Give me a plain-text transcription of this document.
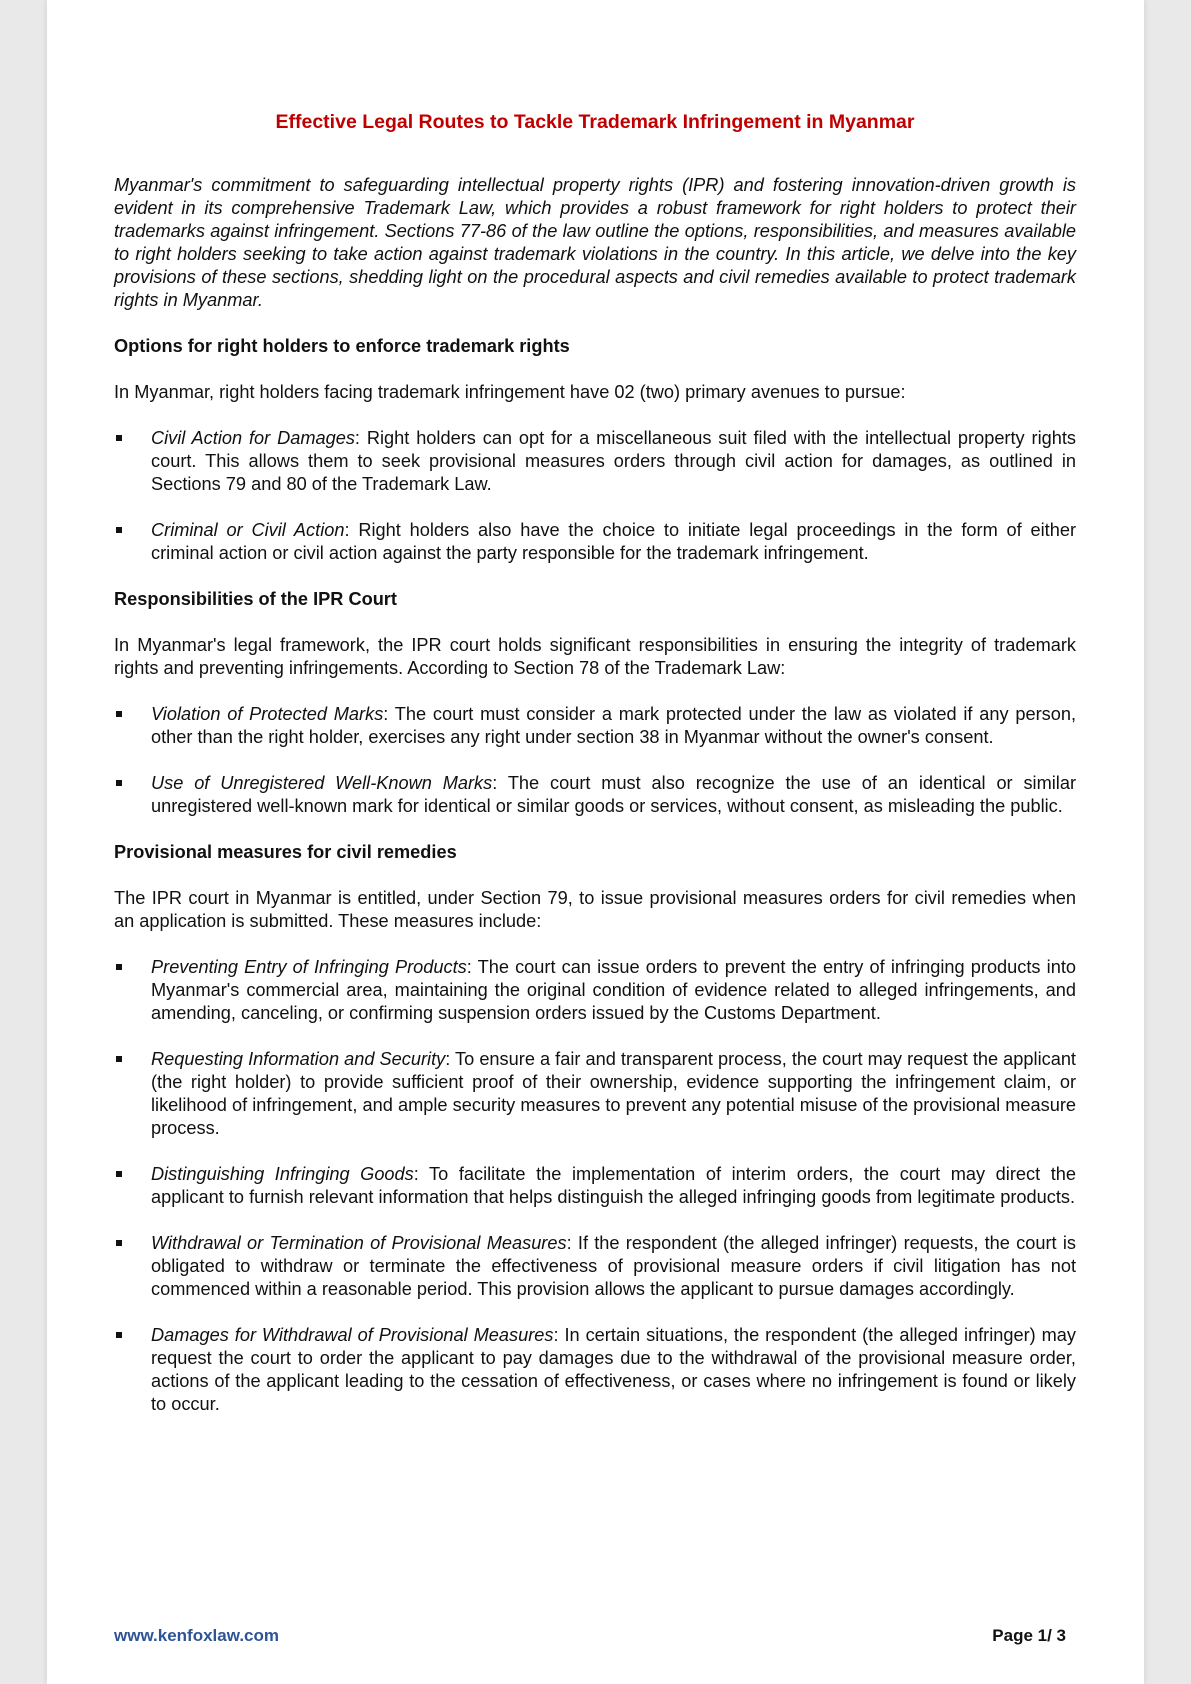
Effective Legal Routes to Tackle Trademark Infringement in Myanmar

Myanmar's commitment to safeguarding intellectual property rights (IPR) and fostering innovation-driven growth is evident in its comprehensive Trademark Law, which provides a robust framework for right holders to protect their trademarks against infringement. Sections 77-86 of the law outline the options, responsibilities, and measures available to right holders seeking to take action against trademark violations in the country. In this article, we delve into the key provisions of these sections, shedding light on the procedural aspects and civil remedies available to protect trademark rights in Myanmar.

Options for right holders to enforce trademark rights

In Myanmar, right holders facing trademark infringement have 02 (two) primary avenues to pursue:

Civil Action for Damages: Right holders can opt for a miscellaneous suit filed with the intellectual property rights court. This allows them to seek provisional measures orders through civil action for damages, as outlined in Sections 79 and 80 of the Trademark Law.
Criminal or Civil Action: Right holders also have the choice to initiate legal proceedings in the form of either criminal action or civil action against the party responsible for the trademark infringement.
Responsibilities of the IPR Court

In Myanmar's legal framework, the IPR court holds significant responsibilities in ensuring the integrity of trademark rights and preventing infringements. According to Section 78 of the Trademark Law:

Violation of Protected Marks: The court must consider a mark protected under the law as violated if any person, other than the right holder, exercises any right under section 38 in Myanmar without the owner's consent.
Use of Unregistered Well-Known Marks: The court must also recognize the use of an identical or similar unregistered well-known mark for identical or similar goods or services, without consent, as misleading the public.
Provisional measures for civil remedies

The IPR court in Myanmar is entitled, under Section 79, to issue provisional measures orders for civil remedies when an application is submitted. These measures include:

Preventing Entry of Infringing Products: The court can issue orders to prevent the entry of infringing products into Myanmar's commercial area, maintaining the original condition of evidence related to alleged infringements, and amending, canceling, or confirming suspension orders issued by the Customs Department.
Requesting Information and Security: To ensure a fair and transparent process, the court may request the applicant (the right holder) to provide sufficient proof of their ownership, evidence supporting the infringement claim, or likelihood of infringement, and ample security measures to prevent any potential misuse of the provisional measure process.
Distinguishing Infringing Goods: To facilitate the implementation of interim orders, the court may direct the applicant to furnish relevant information that helps distinguish the alleged infringing goods from legitimate products.
Withdrawal or Termination of Provisional Measures: If the respondent (the alleged infringer) requests, the court is obligated to withdraw or terminate the effectiveness of provisional measure orders if civil litigation has not commenced within a reasonable period. This provision allows the applicant to pursue damages accordingly.
Damages for Withdrawal of Provisional Measures: In certain situations, the respondent (the alleged infringer) may request the court to order the applicant to pay damages due to the withdrawal of the provisional measure order, actions of the applicant leading to the cessation of effectiveness, or cases where no infringement is found or likely to occur.
www.kenfoxlaw.com	Page 1/ 3
